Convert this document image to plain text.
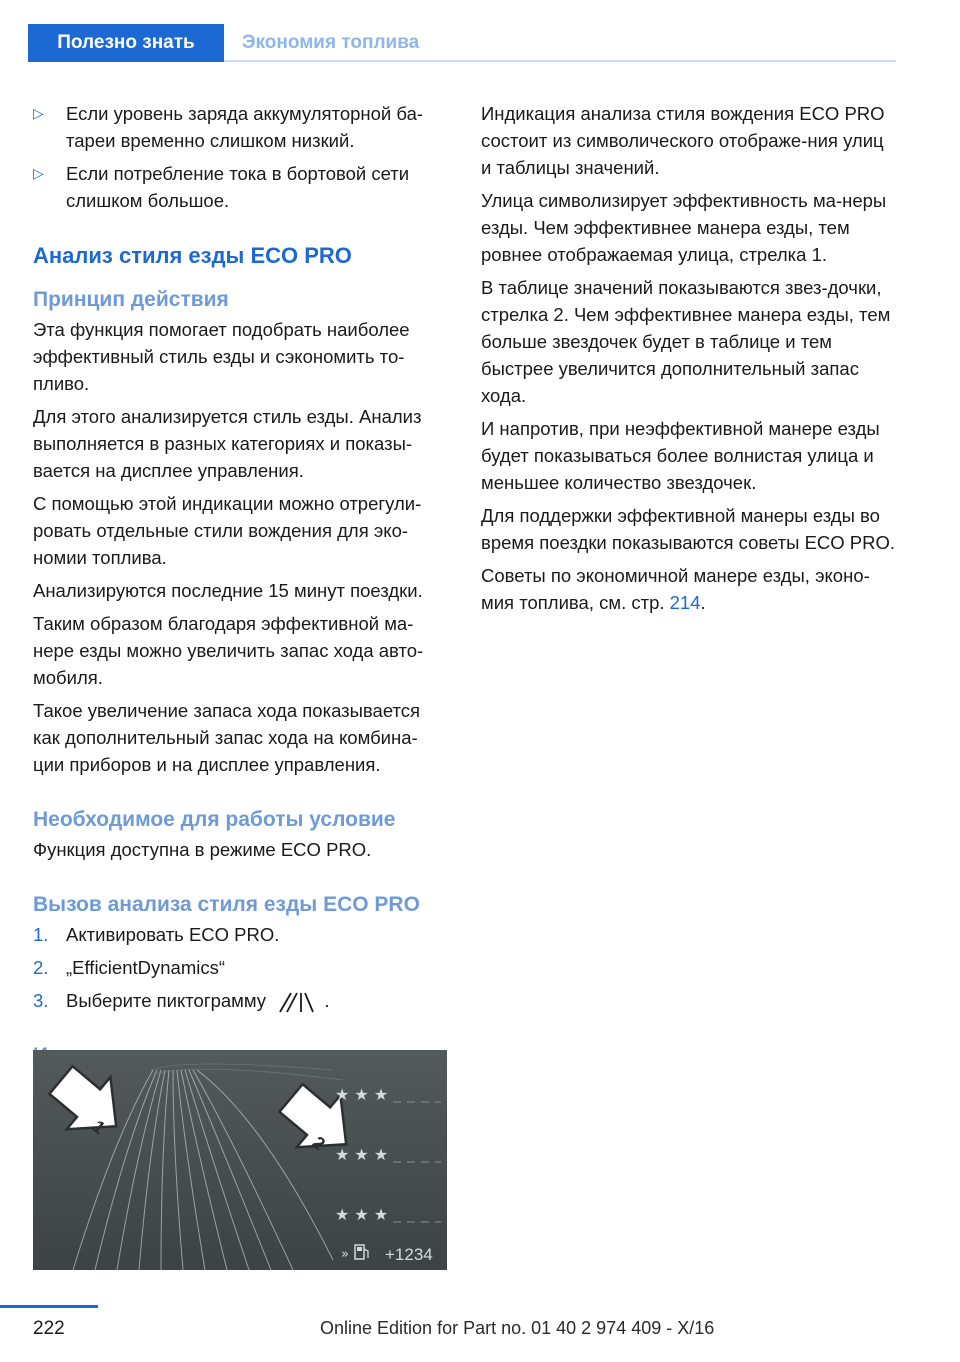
Полезно знать	Экономия топлива
▷	Если уровень заряда аккумуляторной ба-тареи временно слишком низкий.
▷	Если потребление тока в бортовой сети слишком большое.
Анализ стиля езды ECO PRO
Принцип действия

Эта функция помогает подобрать наиболее эффективный стиль езды и сэкономить то-пливо.

Для этого анализируется стиль езды. Анализ выполняется в разных категориях и показы-вается на дисплее управления.

С помощью этой индикации можно отрегули-ровать отдельные стили вождения для эко-номии топлива.

Анализируются последние 15 минут поездки.

Таким образом благодаря эффективной ма-нере езды можно увеличить запас хода авто-мобиля.

Такое увеличение запаса хода показывается как дополнительный запас хода на комбина-ции приборов и на дисплее управления.

Необходимое для работы условие

Функция доступна в режиме ECO PRO.

Вызов анализа стиля езды ECO PRO
1. Активировать ECO PRO.
2. „EfficientDynamics“
3. Выберите пиктограмму	.
1
2
★ ★ ★
★ ★ ★
★ ★ ★
» +1234

Индикация анализа стиля вождения ECO PRO состоит из символического отображе-ния улиц и таблицы значений.

Улица символизирует эффективность ма-неры езды. Чем эффективнее манера езды, тем ровнее отображаемая улица, стрелка 1.

В таблице значений показываются звез-дочки, стрелка 2. Чем эффективнее манера езды, тем больше звездочек будет в таблице и тем быстрее увеличится дополнительный запас хода.

И напротив, при неэффективной манере езды будет показываться более волнистая улица и меньшее количество звездочек.

Для поддержки эффективной манеры езды во время поездки показываются советы ECO PRO.

Советы по экономичной манере езды, эконо-мия топлива, см. стр. 214.

222	Online Edition for Part no. 01 40 2 974 409 - X/16
